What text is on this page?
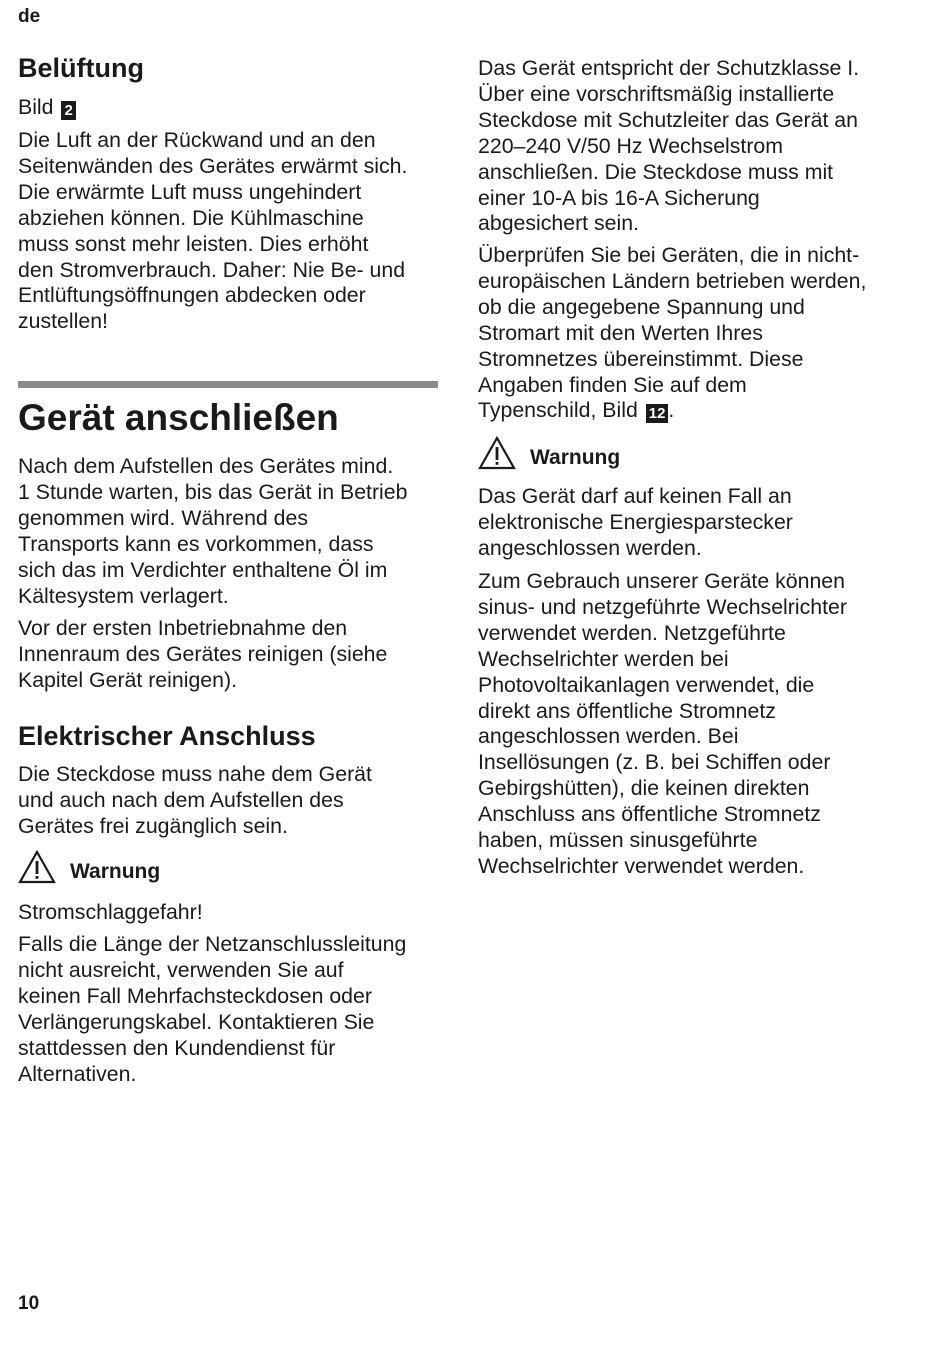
de
Belüftung
Bild 2
Die Luft an der Rückwand und an den
Seitenwänden des Gerätes erwärmt sich.
Die erwärmte Luft muss ungehindert
abziehen können. Die Kühlmaschine
muss sonst mehr leisten. Dies erhöht
den Stromverbrauch. Daher: Nie Be- und
Entlüftungsöffnungen abdecken oder
zustellen!
Gerät anschließen
Nach dem Aufstellen des Gerätes mind.
1 Stunde warten, bis das Gerät in Betrieb
genommen wird. Während des
Transports kann es vorkommen, dass
sich das im Verdichter enthaltene Öl im
Kältesystem verlagert.
Vor der ersten Inbetriebnahme den
Innenraum des Gerätes reinigen (siehe
Kapitel Gerät reinigen).
Elektrischer Anschluss
Die Steckdose muss nahe dem Gerät
und auch nach dem Aufstellen des
Gerätes frei zugänglich sein.
Warnung
Stromschlaggefahr!
Falls die Länge der Netzanschlussleitung
nicht ausreicht, verwenden Sie auf
keinen Fall Mehrfachsteckdosen oder
Verlängerungskabel. Kontaktieren Sie
stattdessen den Kundendienst für
Alternativen.
Das Gerät entspricht der Schutzklasse I.
Über eine vorschriftsmäßig installierte
Steckdose mit Schutzleiter das Gerät an
220–240 V/50 Hz Wechselstrom
anschließen. Die Steckdose muss mit
einer 10-A bis 16-A Sicherung
abgesichert sein.
Überprüfen Sie bei Geräten, die in nicht-
europäischen Ländern betrieben werden,
ob die angegebene Spannung und
Stromart mit den Werten Ihres
Stromnetzes übereinstimmt. Diese
Angaben finden Sie auf dem
Typenschild, Bild 12 .
Warnung
Das Gerät darf auf keinen Fall an
elektronische Energiesparstecker
angeschlossen werden.
Zum Gebrauch unserer Geräte können
sinus- und netzgeführte Wechselrichter
verwendet werden. Netzgeführte
Wechselrichter werden bei
Photovoltaikanlagen verwendet, die
direkt ans öffentliche Stromnetz
angeschlossen werden. Bei
Insellösungen (z. B. bei Schiffen oder
Gebirgshütten), die keinen direkten
Anschluss ans öffentliche Stromnetz
haben, müssen sinusgeführte
Wechselrichter verwendet werden.
10
